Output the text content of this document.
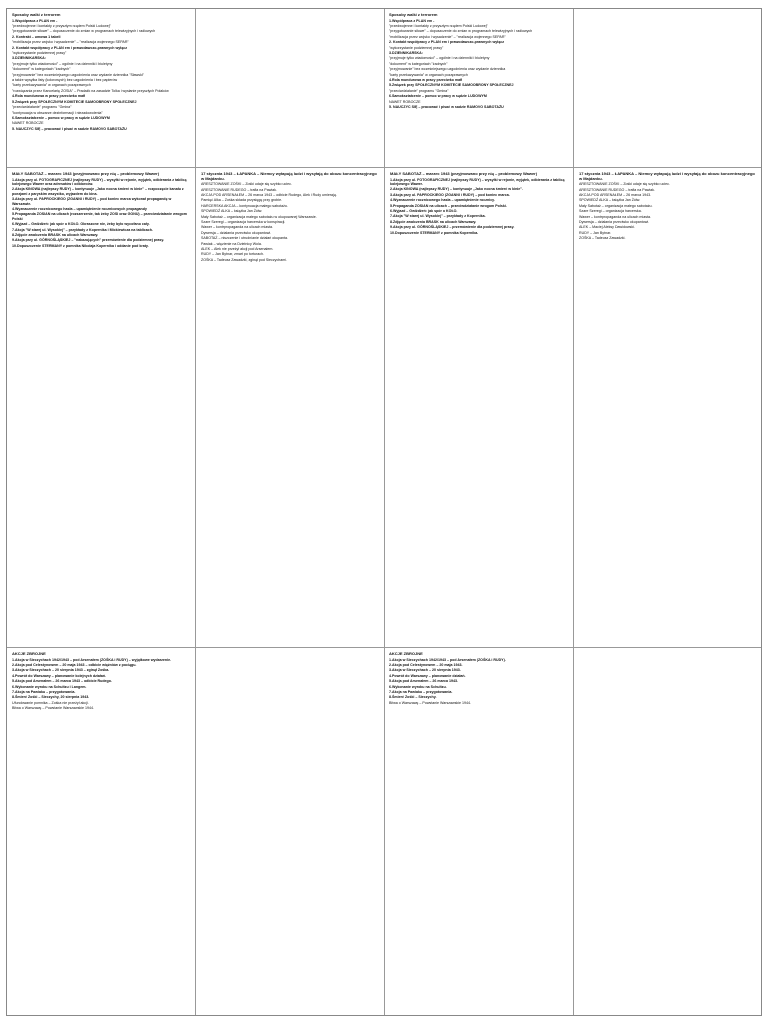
Sposoby walki z terrorem

1.Wspólpraca z PLAN em -

"przedwojenne i kontakty z przyszłym rządem Polski Ludowej"

"przygotowanie siłowe" – dopuszczenie do zmian w programach telewizyjnych i radiowych

2. Kontrakt – umowa 1 tabeli

"mobilizacja przez wojsko i wysadzenie" – "realizacja wojennego SEPAR"

2. Kontakt współpracy z PLAN em i prawodawczo-prawnych wyłącz

"wykorzystanie podziemnej prasy"

3.DZIENNIKARSKA:

"przyjmuje tylko wiadomości" – ogólnie i na dzienniki i biuletyny

"dokument" w kategoriach "żadnych"

"przyjmowanie" bez wcześniejszego uzgodnienia oraz wydanie dziennika "Sławski"

a także wysyłka listy (kolorowych) bez uzgodnienia i bez papierów

"karty przekazywania" w organach pozaprawnych

"rozwiązania przez Kancelarię ZOSIA" – Pradażk na zasadzie Tolka i wysłanie przyszłych Polaków

4.Rola mundurowa w pracy przeciwko mafi

5.Związek przy SPOŁECZNYM KOMITECIE SAMOOBRONY SPOŁECZNEJ

"przeciwdziałanie" programu "Gmina"

"kontynuacja w obszarze dezinformacji i niezadowolenia"

6.Samokształcenie – pomoc w pracy w sądzie LUDOWYM

NAWET ROBOCZE

5. NAUCZYC SIĘ – pracować i pisać w sadzie RAMOVO SABOTAŻU

Sposoby walki z terrorem

1.Wspólpraca z PLAN em -

"przedwojenne i kontakty z przyszłym rządem Polski Ludowej"

"przygotowanie siłowe" – dopuszczenie do zmian w programach telewizyjnych i radiowych

"mobilizacja przez wojsko i wysadzenie" – "realizacja wojennego SEPAR"

2. Kontakt współpracy z PLAN em i prawodawczo-prawnych wyłącz

"wykorzystanie podziemnej prasy"

3.DZIENNIKARSKA:

"przyjmuje tylko wiadomości" – ogólnie i na dzienniki i biuletyny

"dokument" w kategoriach "żadnych"

"przyjmowanie" bez wcześniejszego uzgodnienia oraz wydanie dziennika

"karty przekazywania" w organach pozaprawnych

4.Rola mundurowa w pracy przeciwko mafi

5.Związek przy SPOŁECZNYM KOMITECIE SAMOOBRONY SPOŁECZNEJ

"przeciwdziałanie" programu "Gmina"

6.Samokształcenie – pomoc w pracy w sądzie LUDOWYM

NAWET ROBOCZE

5. NAUCZYC SIĘ – pracować i pisać w sadzie RAMOVO SABOTAŻU

MAŁY SABOTAŻ – marzec 1943 (przyjmowano przy nią – problemowy Wawer)

1.Akcja przy ul. FOTOGRAFICZNEJ (najlepszy RUDY) – wysyłki w rejonie, wyjątek, odbierania z tablicą kolejowego Wawer oraz adresatów i odbiorców.

2.Akcja KINOWA (najlepszy RUDY) – kontynuuje „Jako nocna śmierć w kinie" – rozpoczęcie kanału z poezjami z paryskim wszystko, wyjazdem do kina.

3.Akcja przy ul. PAPROCKIEGO (ZGANNI i RUDY) – pod koniec marca wykonał propagandę w Warszawie.

4.Wyznaczenie rocznicowego hasła – upamiętnienie rocznicowych propagandy

5.Propaganda ZOSIAN na ulicach (rozszerzenie, tak żeby ZOSI oraz GONU) – przeciwdziałanie wrogom Polski

6.Wyjazd – Gwiżdżeń: jak spór o KOŁO. Okraszone nie, żeby było wycofano cały.

7.Akcja "W starej ul. Wysokiej" – przykłady z Kopernika i Mickiewicza na tablicach.

8.Zdjęcie zwalczenia BRASK na ulicach Warszawy.

9.Akcja przy ul. GÓRNOŚLĄSKIEJ – "nakazujących" przemówienie dla podziemnej prasy.

10.Dopuszczenie STERMANY z pomnika Nikolaja Kopernika i oddanie pod kraty.

17 stycznia 1943 – ŁAPANKA – Niemcy wyłapują ludzi i wysyłają do obozu koncentracyjnego w Majdanku.

ARESZTOWANIE ZOŚKI – Zośki udaje się szybko uciec.

ARESZTOWANIE RUDEGO – trafia na Pawiak.

AKCJA POD ARSENAŁEM – 26 marca 1943 – odbicie Rudego, Alek i Rudy umierają.

Pamięć Alka – Zośka składa przysięgę przy grobie.

HARCERSKA AKCJA – kontynuacja małego sabotażu.

SPOWIEDŹ ALKA – książka Jan Żółw.

Mały Sabotaż – organizacja małego sabotażu w okupowanej Warszawie.

Szare Szeregi – organizacja harcerska w konspiracji.

Wawer – kontrpropaganda na ulicach miasta.

Dywersja – działania przeciwko okupantowi.

SABOTAŻ – niszczenie i utrudnianie działań okupanta.

Pawiak – więzienie na Dzielnicy Wola.

ALEK – Alek nie przeżył akcji pod Arsenałem.

RUDY – Jan Bytnar, zmarł po torturach.

ZOŚKA – Tadeusz Zawadzki, zginął pod Sieczychami.

MAŁY SABOTAŻ – marzec 1943 (przyjmowano przy nią – problemowy Wawer)

1.Akcja przy ul. FOTOGRAFICZNEJ (najlepszy RUDY) – wysyłki w rejonie, wyjątek, odbierania z tablicą kolejowego Wawer.

2.Akcja KINOWA (najlepszy RUDY) – kontynuuje „Jako nocna śmierć w kinie".

3.Akcja przy ul. PAPROCKIEGO (ZGANNI i RUDY) – pod koniec marca.

4.Wyznaczenie rocznicowego hasła – upamiętnienie rocznicy.

5.Propaganda ZOSIAN na ulicach – przeciwdziałanie wrogom Polski.

6.Wyjazd – Gwiżdżeń: jak spór o KOŁO.

7.Akcja "W starej ul. Wysokiej" – przykłady z Kopernika.

8.Zdjęcie zwalczenia BRASK na ulicach Warszawy.

9.Akcja przy ul. GÓRNOŚLĄSKIEJ – przemówienie dla podziemnej prasy.

10.Dopuszczenie STERMANY z pomnika Kopernika.

17 stycznia 1943 – ŁAPANKA – Niemcy wyłapują ludzi i wysyłają do obozu koncentracyjnego w Majdanku.

ARESZTOWANIE ZOŚKI – Zośki udaje się szybko uciec.

ARESZTOWANIE RUDEGO – trafia na Pawiak.

AKCJA POD ARSENAŁEM – 26 marca 1943.

SPOWIEDŹ ALKA – książka Jan Żółw.

Mały Sabotaż – organizacja małego sabotażu.

Szare Szeregi – organizacja harcerska.

Wawer – kontrpropaganda na ulicach miasta.

Dywersja – działania przeciwko okupantowi.

ALEK – Maciej Aleksy Dawidowski.

RUDY – Jan Bytnar.

ZOŚKA – Tadeusz Zawadzki.

AKCJE ZBROJNE

1.Akcja w Sieczychach 1942/1943 – pod Arsenałem (ZOŚKA i RUDY) – wyjątkowe wydarzenie.

2.Akcja pod Celestynowem – 20 maja 1943 – odbicie więźniów z pociągu.

3.Akcja w Sieczychach – 20 sierpnia 1943 – zginął Zośka.

4.Powrót do Warszawy – planowanie kolejnych działań.

5.Akcja pod Arsenałem – 26 marca 1943 – odbicie Rudego.

6.Wykonanie wyroku na Schultzu i Langem.

7.Akcja na Pawiaku – przygotowania.

8.Śmierć Zośki – Sieczychy, 20 sierpnia 1943.

Ufundowanie pomnika – Zośka nie przeżył akcji.

Bitwa o Warszawę – Powstanie Warszawskie 1944.

AKCJE ZBROJNE

1.Akcja w Sieczychach 1942/1943 – pod Arsenałem (ZOŚKA i RUDY).

2.Akcja pod Celestynowem – 20 maja 1943.

3.Akcja w Sieczychach – 20 sierpnia 1943.

4.Powrót do Warszawy – planowanie działań.

5.Akcja pod Arsenałem – 26 marca 1943.

6.Wykonanie wyroku na Schultzu.

7.Akcja na Pawiaku – przygotowania.

8.Śmierć Zośki – Sieczychy.

Bitwa o Warszawę – Powstanie Warszawskie 1944.
